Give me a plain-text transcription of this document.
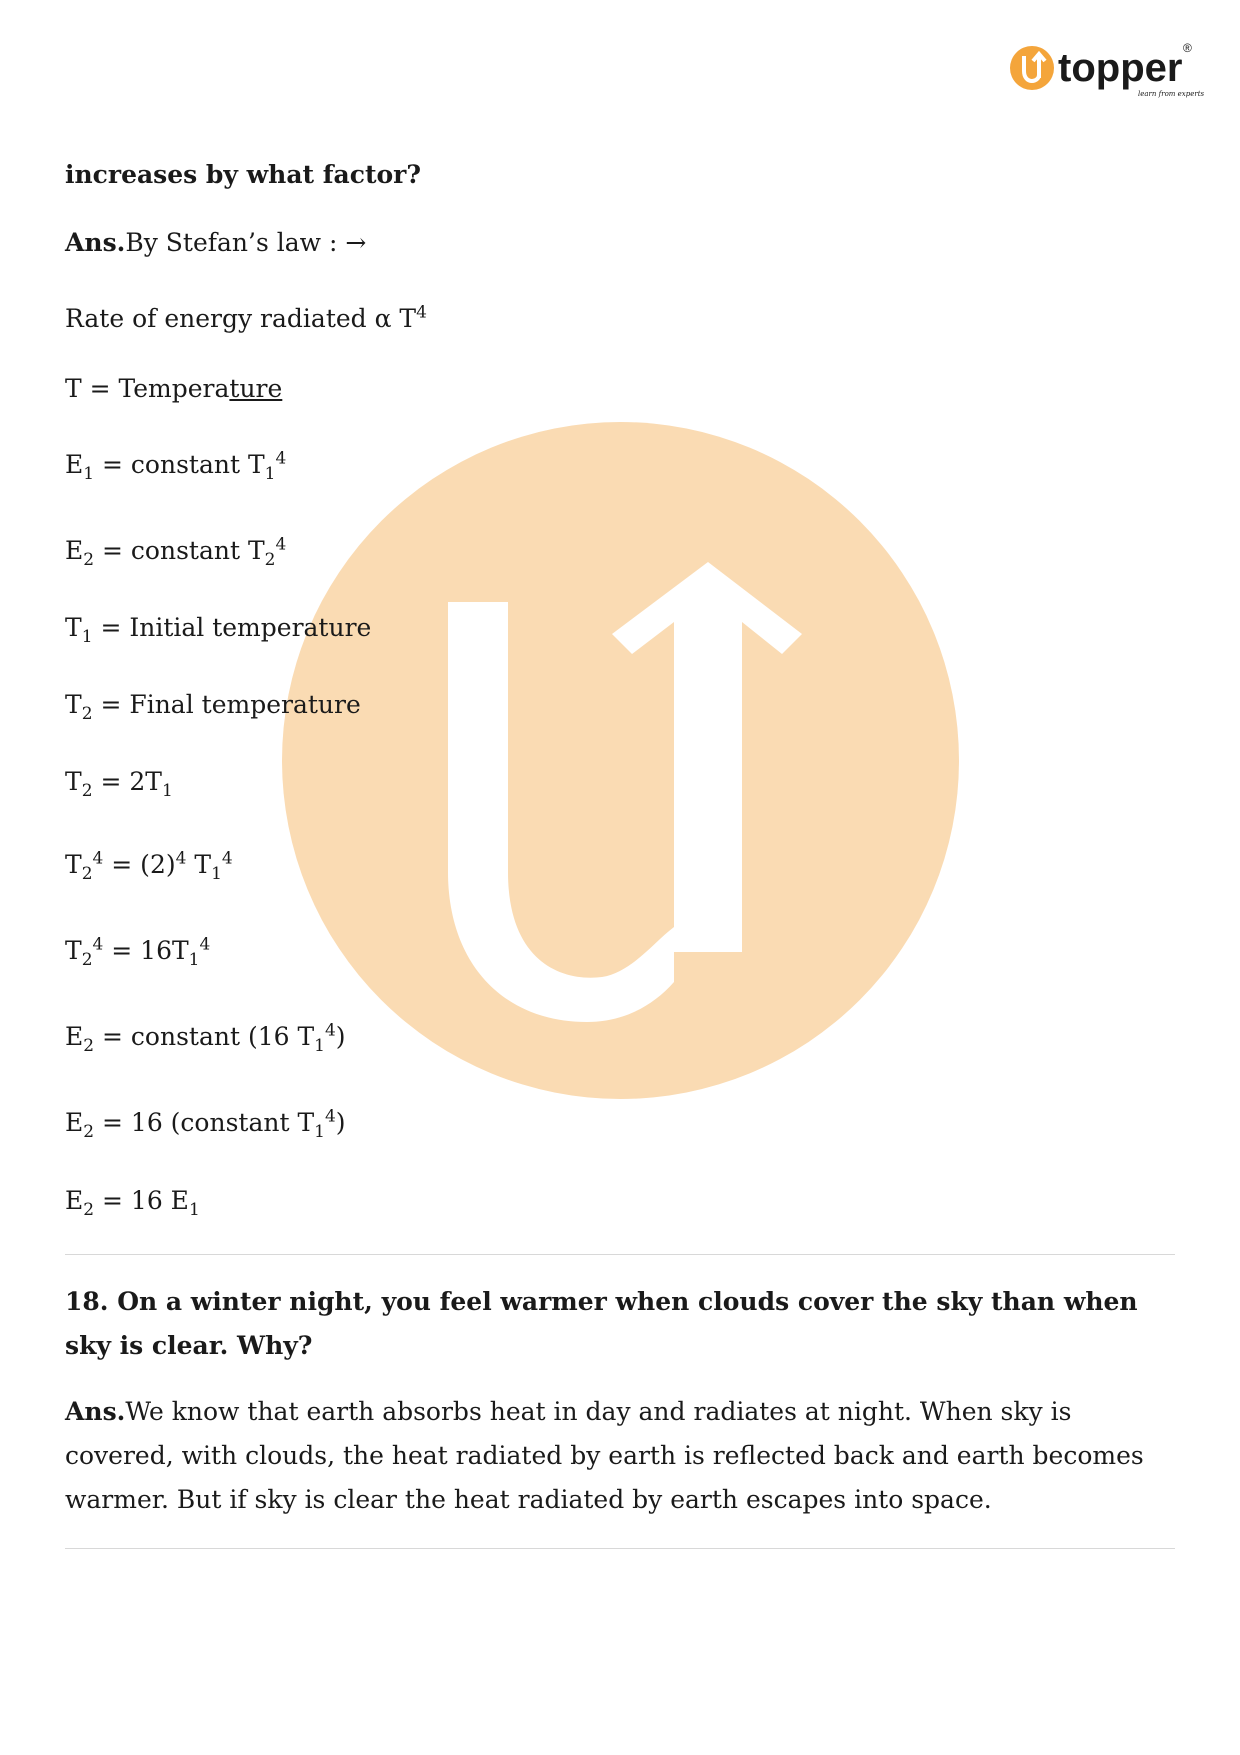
topper ®
learn from experts
increases by what factor?
Ans.By Stefan’s law : →
Rate of energy radiated α $T^4$
T = Temperature
$E_1$ = constant $T_1^4$
$E_2$ = constant $T_2^4$
$T_1$ = Initial temperature
$T_2$ = Final temperature
$T_2 = 2T_1$
$T_2^4 = (2)^4$ $T_1^4$
$T_2^4 = 16T_1^4$
$E_2$ = constant (16 $T_1^4$)
$E_2 = 16$ (constant $T_1^4$)
$E_2 = 16$ $E_1$
18. On a winter night, you feel warmer when clouds cover the sky than when sky is clear. Why?
Ans.We know that earth absorbs heat in day and radiates at night. When sky is covered, with clouds, the heat radiated by earth is reflected back and earth becomes warmer. But if sky is clear the heat radiated by earth escapes into space.
